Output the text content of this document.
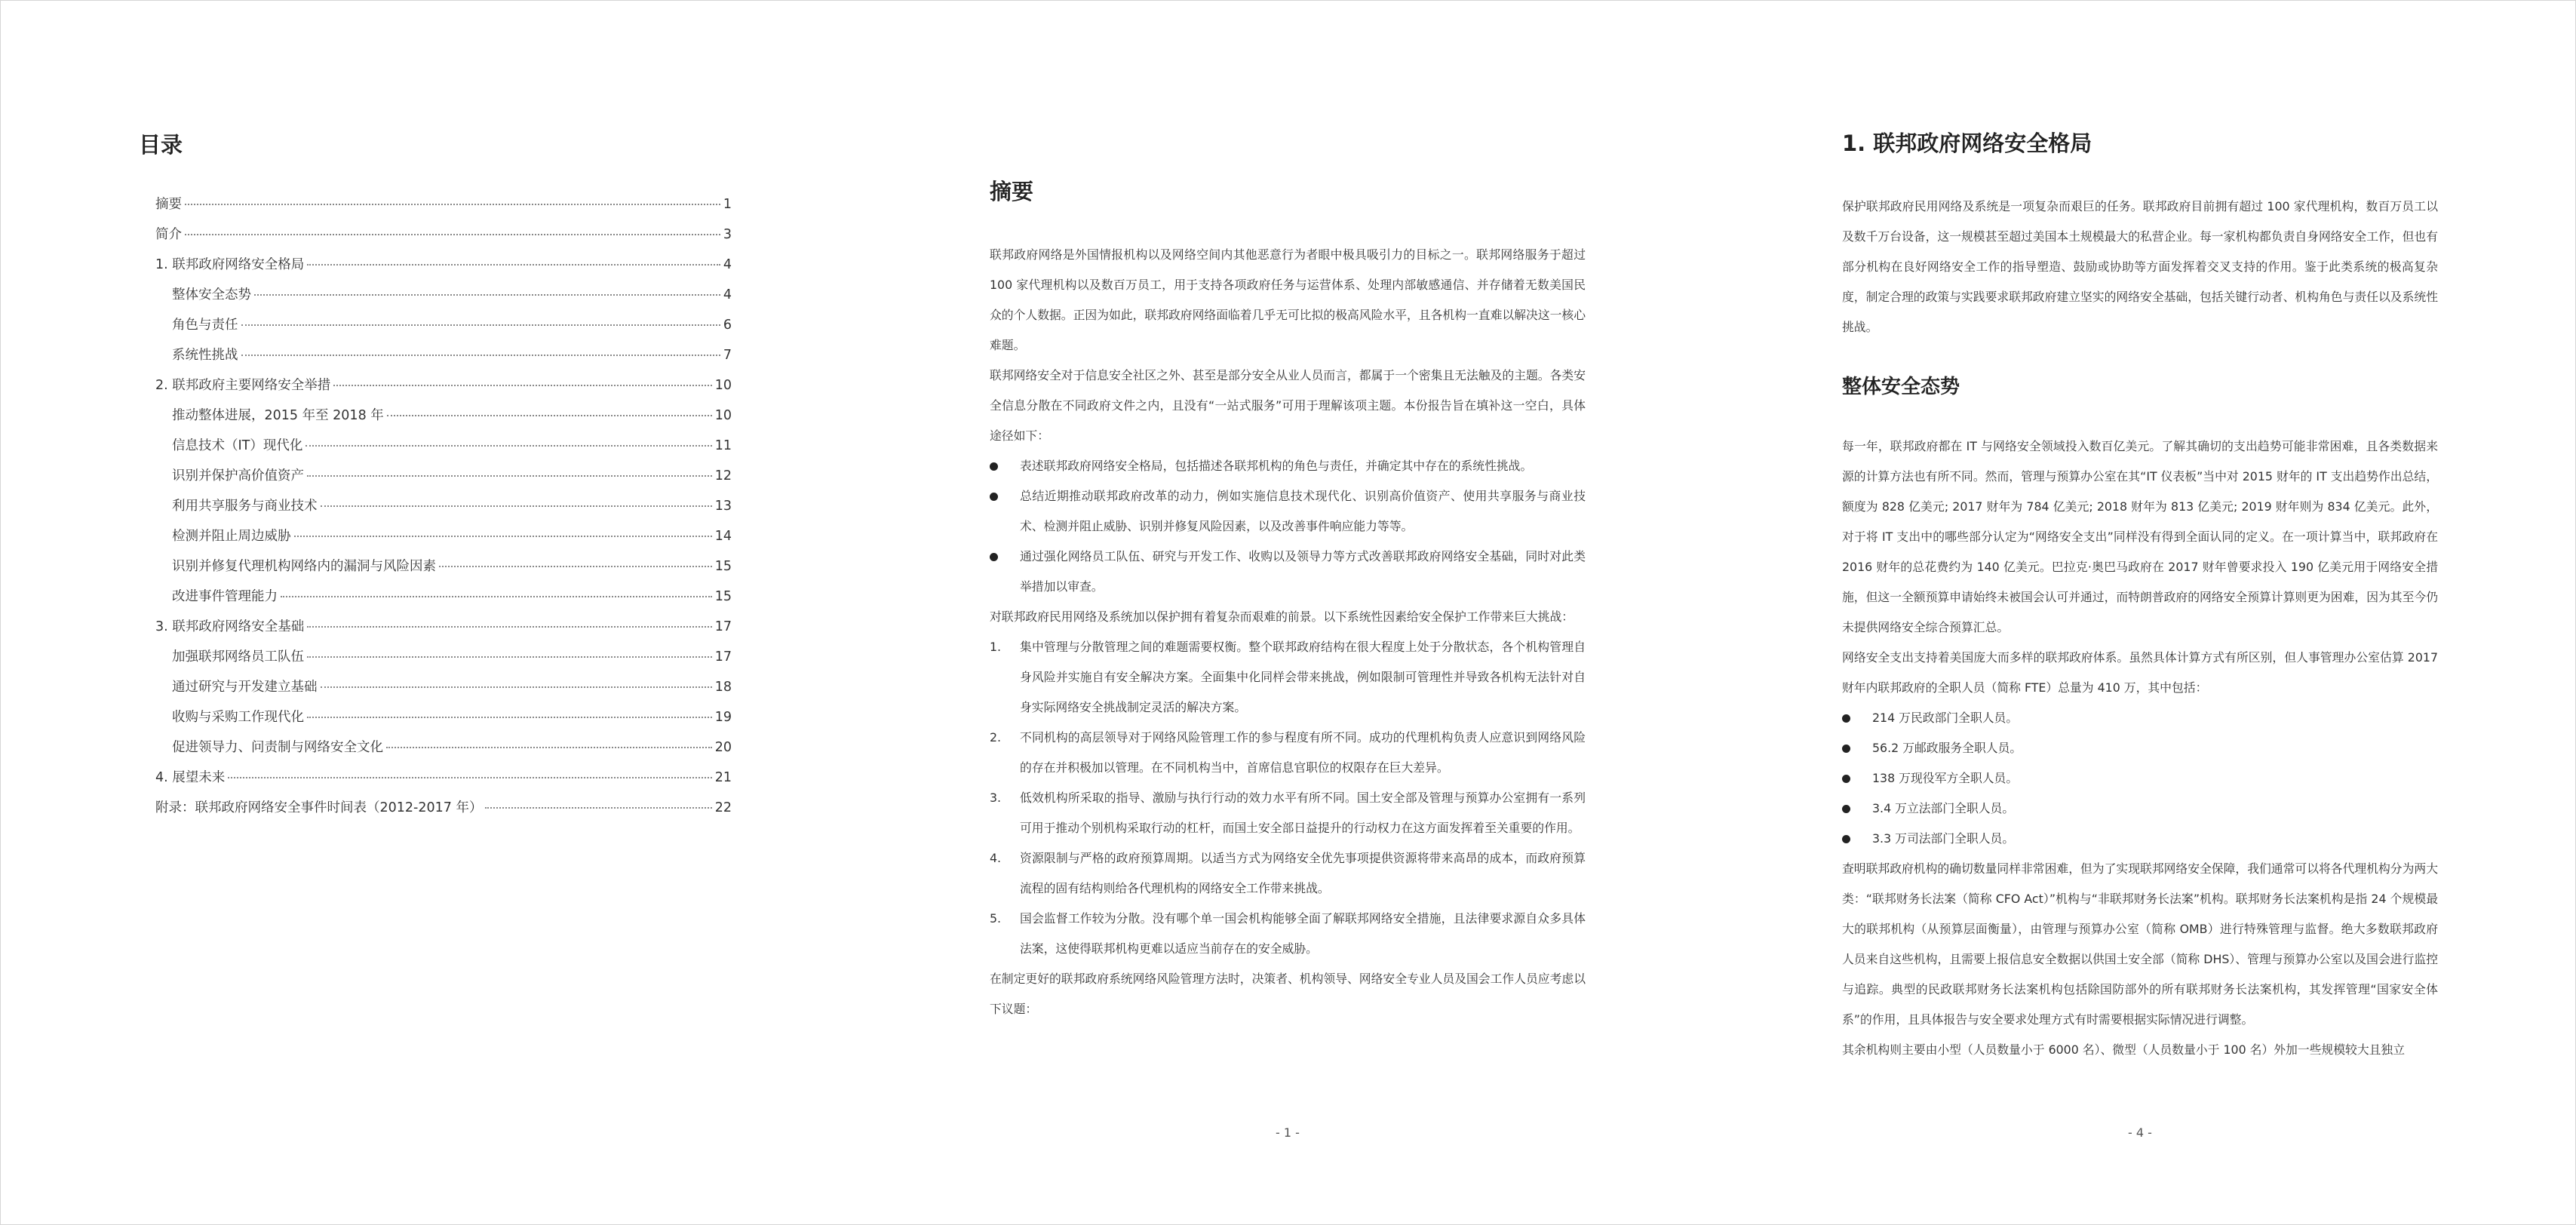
目录
摘要	1
简介	3
1. 联邦政府网络安全格局	4
整体安全态势	4
角色与责任	6
系统性挑战	7
2. 联邦政府主要网络安全举措	10
推动整体进展，2015 年至 2018 年	10
信息技术（IT）现代化	11
识别并保护高价值资产	12
利用共享服务与商业技术	13
检测并阻止周边威胁	14
识别并修复代理机构网络内的漏洞与风险因素	15
改进事件管理能力	15
3. 联邦政府网络安全基础	17
加强联邦网络员工队伍	17
通过研究与开发建立基础	18
收购与采购工作现代化	19
促进领导力、问责制与网络安全文化	20
4. 展望未来	21
附录：联邦政府网络安全事件时间表（2012-2017 年）	22
摘要

联邦政府网络是外国情报机构以及网络空间内其他恶意行为者眼中极具吸引力的目标之一。联邦网络服务于超过 100 家代理机构以及数百万员工，用于支持各项政府任务与运营体系、处理内部敏感通信、并存储着无数美国民众的个人数据。正因为如此，联邦政府网络面临着几乎无可比拟的极高风险水平，且各机构一直难以解决这一核心难题。

联邦网络安全对于信息安全社区之外、甚至是部分安全从业人员而言，都属于一个密集且无法触及的主题。各类安全信息分散在不同政府文件之内，且没有“一站式服务”可用于理解该项主题。本份报告旨在填补这一空白，具体途径如下：

表述联邦政府网络安全格局，包括描述各联邦机构的角色与责任，并确定其中存在的系统性挑战。
总结近期推动联邦政府改革的动力，例如实施信息技术现代化、识别高价值资产、使用共享服务与商业技术、检测并阻止威胁、识别并修复风险因素，以及改善事件响应能力等等。
通过强化网络员工队伍、研究与开发工作、收购以及领导力等方式改善联邦政府网络安全基础，同时对此类举措加以审查。

对联邦政府民用网络及系统加以保护拥有着复杂而艰难的前景。以下系统性因素给安全保护工作带来巨大挑战：

1. 集中管理与分散管理之间的难题需要权衡。整个联邦政府结构在很大程度上处于分散状态，各个机构管理自身风险并实施自有安全解决方案。全面集中化同样会带来挑战，例如限制可管理性并导致各机构无法针对自身实际网络安全挑战制定灵活的解决方案。
2. 不同机构的高层领导对于网络风险管理工作的参与程度有所不同。成功的代理机构负责人应意识到网络风险的存在并积极加以管理。在不同机构当中，首席信息官职位的权限存在巨大差异。
3. 低效机构所采取的指导、激励与执行行动的效力水平有所不同。国土安全部及管理与预算办公室拥有一系列可用于推动个别机构采取行动的杠杆，而国土安全部日益提升的行动权力在这方面发挥着至关重要的作用。
4. 资源限制与严格的政府预算周期。以适当方式为网络安全优先事项提供资源将带来高昂的成本，而政府预算流程的固有结构则给各代理机构的网络安全工作带来挑战。
5. 国会监督工作较为分散。没有哪个单一国会机构能够全面了解联邦网络安全措施，且法律要求源自众多具体法案，这使得联邦机构更难以适应当前存在的安全威胁。

在制定更好的联邦政府系统网络风险管理方法时，决策者、机构领导、网络安全专业人员及国会工作人员应考虑以下议题：

- 1 -
1. 联邦政府网络安全格局

保护联邦政府民用网络及系统是一项复杂而艰巨的任务。联邦政府目前拥有超过 100 家代理机构，数百万员工以及数千万台设备，这一规模甚至超过美国本土规模最大的私营企业。每一家机构都负责自身网络安全工作，但也有部分机构在良好网络安全工作的指导塑造、鼓励或协助等方面发挥着交叉支持的作用。鉴于此类系统的极高复杂度，制定合理的政策与实践要求联邦政府建立坚实的网络安全基础，包括关键行动者、机构角色与责任以及系统性挑战。

整体安全态势

每一年，联邦政府都在 IT 与网络安全领域投入数百亿美元。了解其确切的支出趋势可能非常困难，且各类数据来源的计算方法也有所不同。然而，管理与预算办公室在其“IT 仪表板”当中对 2015 财年的 IT 支出趋势作出总结，额度为 828 亿美元; 2017 财年为 784 亿美元; 2018 财年为 813 亿美元; 2019 财年则为 834 亿美元。此外，对于将 IT 支出中的哪些部分认定为“网络安全支出”同样没有得到全面认同的定义。在一项计算当中，联邦政府在 2016 财年的总花费约为 140 亿美元。巴拉克·奥巴马政府在 2017 财年曾要求投入 190 亿美元用于网络安全措施，但这一全额预算申请始终未被国会认可并通过，而特朗普政府的网络安全预算计算则更为困难，因为其至今仍未提供网络安全综合预算汇总。

网络安全支出支持着美国庞大而多样的联邦政府体系。虽然具体计算方式有所区别，但人事管理办公室估算 2017 财年内联邦政府的全职人员（简称 FTE）总量为 410 万，其中包括：

214 万民政部门全职人员。
56.2 万邮政服务全职人员。
138 万现役军方全职人员。
3.4 万立法部门全职人员。
3.3 万司法部门全职人员。

查明联邦政府机构的确切数量同样非常困难，但为了实现联邦网络安全保障，我们通常可以将各代理机构分为两大类：“联邦财务长法案（简称 CFO Act）”机构与“非联邦财务长法案”机构。联邦财务长法案机构是指 24 个规模最大的联邦机构（从预算层面衡量），由管理与预算办公室（简称 OMB）进行特殊管理与监督。绝大多数联邦政府人员来自这些机构，且需要上报信息安全数据以供国土安全部（简称 DHS）、管理与预算办公室以及国会进行监控与追踪。典型的民政联邦财务长法案机构包括除国防部外的所有联邦财务长法案机构，其发挥管理“国家安全体系”的作用，且具体报告与安全要求处理方式有时需要根据实际情况进行调整。

其余机构则主要由小型（人员数量小于 6000 名）、微型（人员数量小于 100 名）外加一些规模较大且独立

- 4 -
